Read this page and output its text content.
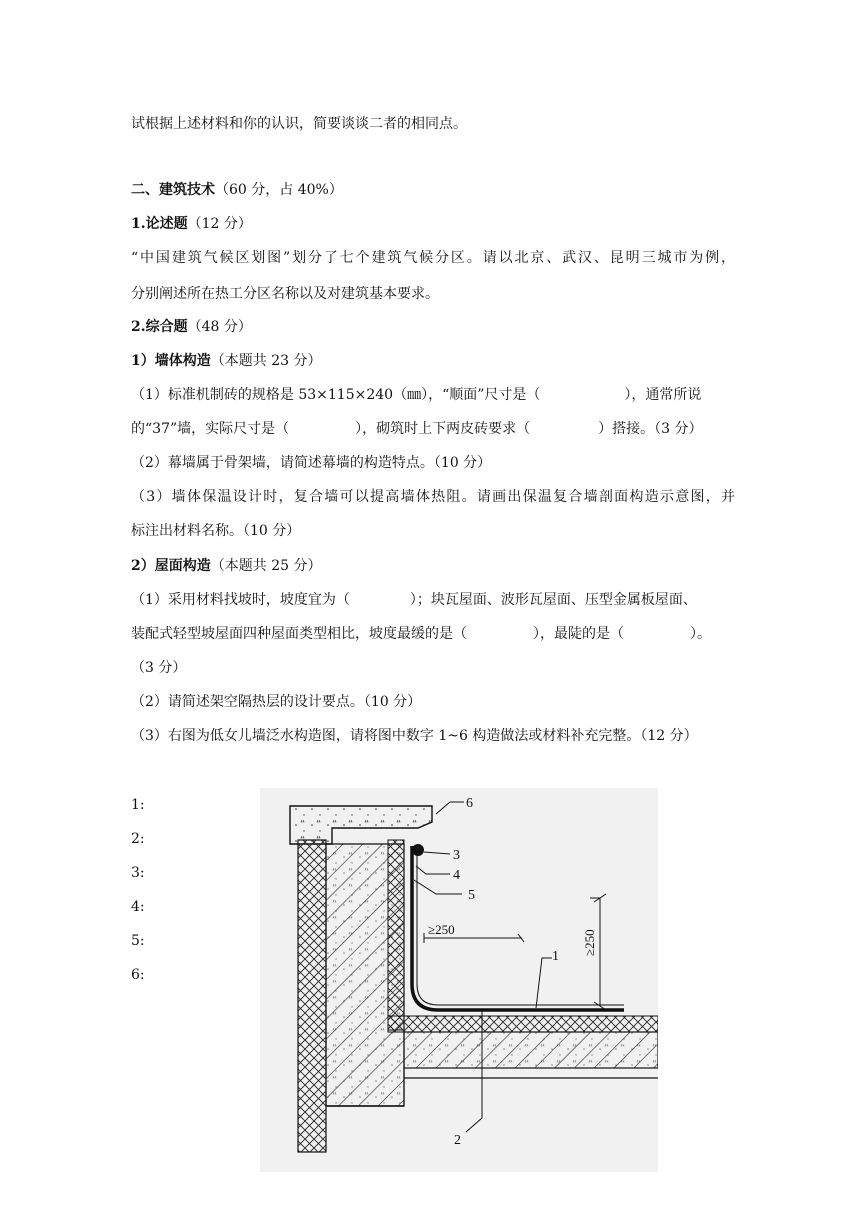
试根据上述材料和你的认识，简要谈谈二者的相同点。
二、建筑技术（60 分，占 40%）
1.论述题（12 分）
“中国建筑气候区划图”划分了七个建筑气候分区。请以北京、武汉、昆明三城市为例，
分别阐述所在热工分区名称以及对建筑基本要求。
2.综合题（48 分）
1）墙体构造（本题共 23 分）
（1）标准机制砖的规格是 53×115×240（㎜），“顺面”尺寸是（	），通常所说
的“37”墙，实际尺寸是（	），砌筑时上下两皮砖要求（	）搭接。（3 分）
（2）幕墙属于骨架墙，请简述幕墙的构造特点。（10 分）
（3）墙体保温设计时，复合墙可以提高墙体热阻。请画出保温复合墙剖面构造示意图，并
标注出材料名称。（10 分）
2）屋面构造（本题共 25 分）
（1）采用材料找坡时，坡度宜为（	）；块瓦屋面、波形瓦屋面、压型金属板屋面、
装配式轻型坡屋面四种屋面类型相比，坡度最缓的是（	），最陡的是（	）。
（3 分）
（2）请简述架空隔热层的设计要点。（10 分）
（3）右图为低女儿墙泛水构造图，请将图中数字 1~6 构造做法或材料补充完整。（12 分）
1:
2:
3:
4:
5:
6:
≥250	≥250
6
3
4
5
1
2
